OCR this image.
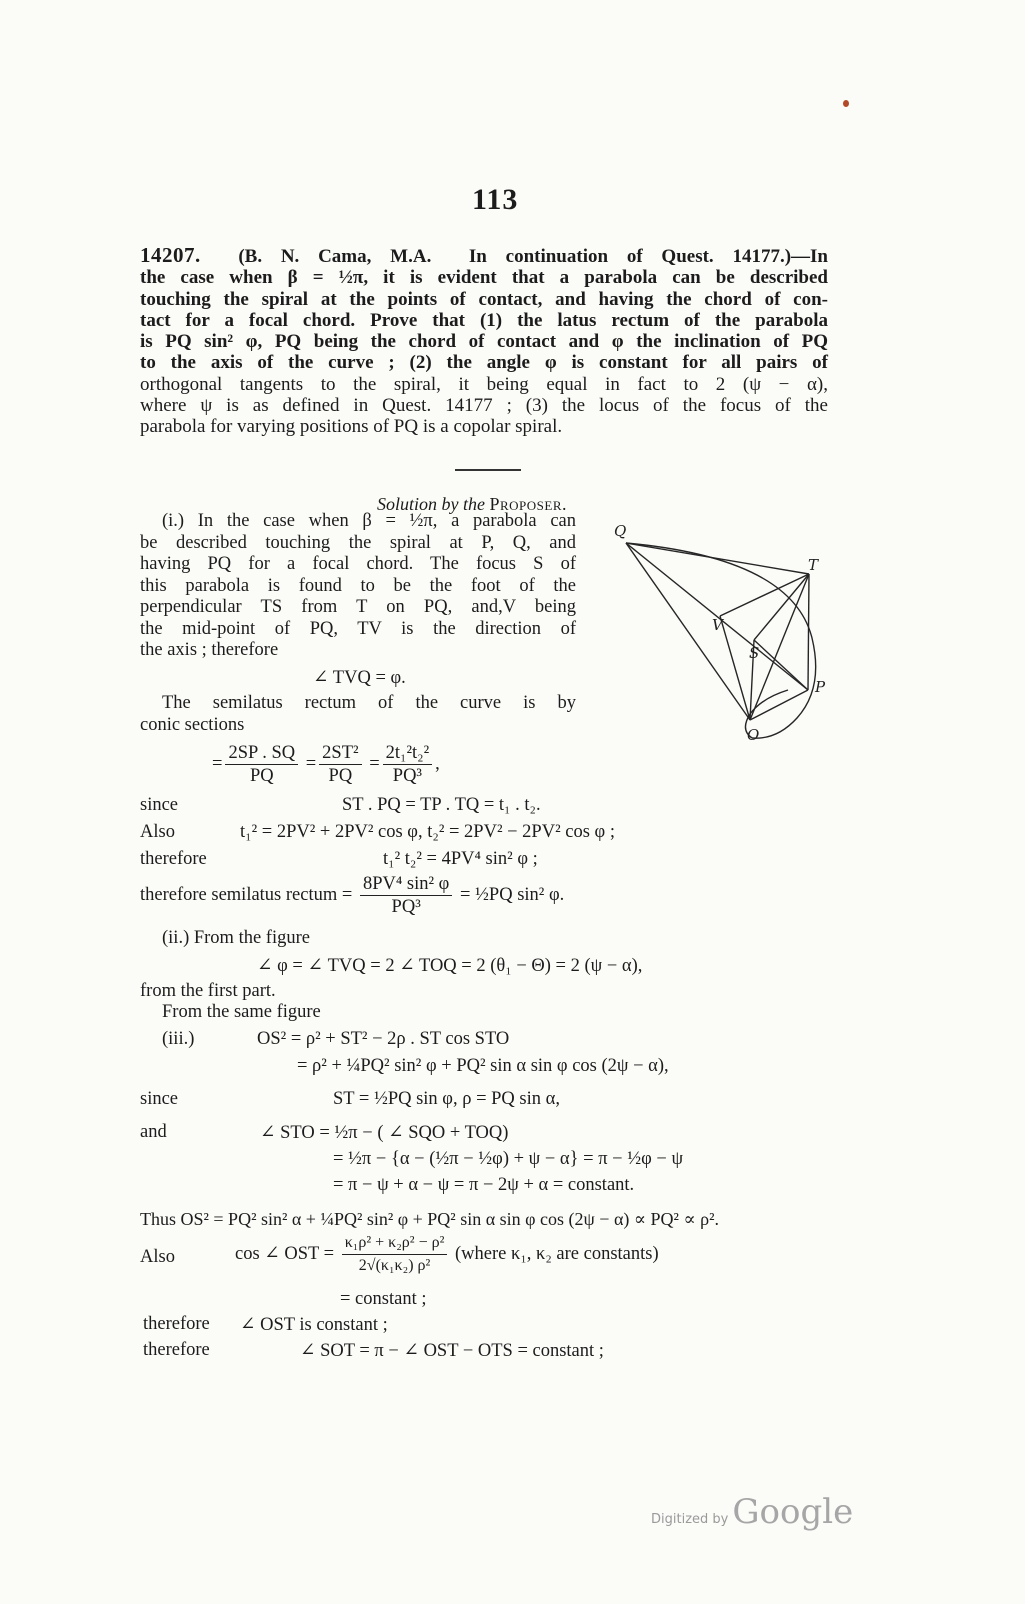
113
14207. (B. N. Cama, M.A. In continuation of Quest. 14177.)—In
the case when β = ½π, it is evident that a parabola can be described
touching the spiral at the points of contact, and having the chord of con-
tact for a focal chord. Prove that (1) the latus rectum of the parabola
is PQ sin² φ, PQ being the chord of contact and φ the inclination of PQ
to the axis of the curve ; (2) the angle φ is constant for all pairs of
orthogonal tangents to the spiral, it being equal in fact to 2 (ψ − α),
where ψ is as defined in Quest. 14177 ; (3) the locus of the focus of the
parabola for varying positions of PQ is a copolar spiral.
Solution by the Proposer.
(i.) In the case when β = ½π, a parabola can
be described touching the spiral at P, Q, and
having PQ for a focal chord. The focus S of
this parabola is found to be the foot of the
perpendicular TS from T on PQ, and,V being
the mid-point of PQ, TV is the direction of
the axis ; therefore
∠ TVQ = φ.
The semilatus rectum of the curve is by
conic sections
= $\frac{2SP . SQ}{PQ} = \frac{\text{2ST²}}{PQ} = \frac{\text{2t₁²t₂²}}{\text{PQ³}}$ ,
since	ST . PQ = TP . TQ = t₁ . t₂.
Also	t₁² = 2PV² + 2PV² cos φ, t₂² = 2PV² − 2PV² cos φ ;
therefore	t₁² t₂² = 4PV⁴ sin² φ ;
therefore semilatus rectum = $\frac{\text{8PV⁴ sin² φ}}{\text{PQ³}}$ = ½PQ sin² φ.
(ii.) From the figure
∠ φ = ∠ TVQ = 2 ∠ TOQ = 2 (θ₁ − Θ) = 2 (ψ − α),
from the first part.
From the same figure
(iii.)	OS² = ρ² + ST² − 2ρ . ST cos STO
= ρ² + ¼PQ² sin² φ + PQ² sin α sin φ cos (2ψ − α),
since	ST = ½PQ sin φ, ρ = PQ sin α,
and	∠ STO = ½π − ( ∠ SQO + TOQ)
= ½π − {α − (½π − ½φ) + ψ − α} = π − ½φ − ψ
= π − ψ + α − ψ = π − 2ψ + α = constant.
Thus OS² = PQ² sin² α + ¼PQ² sin² φ + PQ² sin α sin φ cos (2ψ − α) ∝ PQ² ∝ ρ².
Also	cos ∠ OST = $\frac{\text{κ₁ρ² + κ₂ρ² − ρ²}}{\text{2√(κ₁κ₂) ρ²}}$ (where κ₁, κ₂ are constants)
= constant ;
therefore ∠ OST is constant ;
therefore	∠ SOT = π − ∠ OST − OTS = constant ;
Q
T
V
S
P
O
Digitized by Google
